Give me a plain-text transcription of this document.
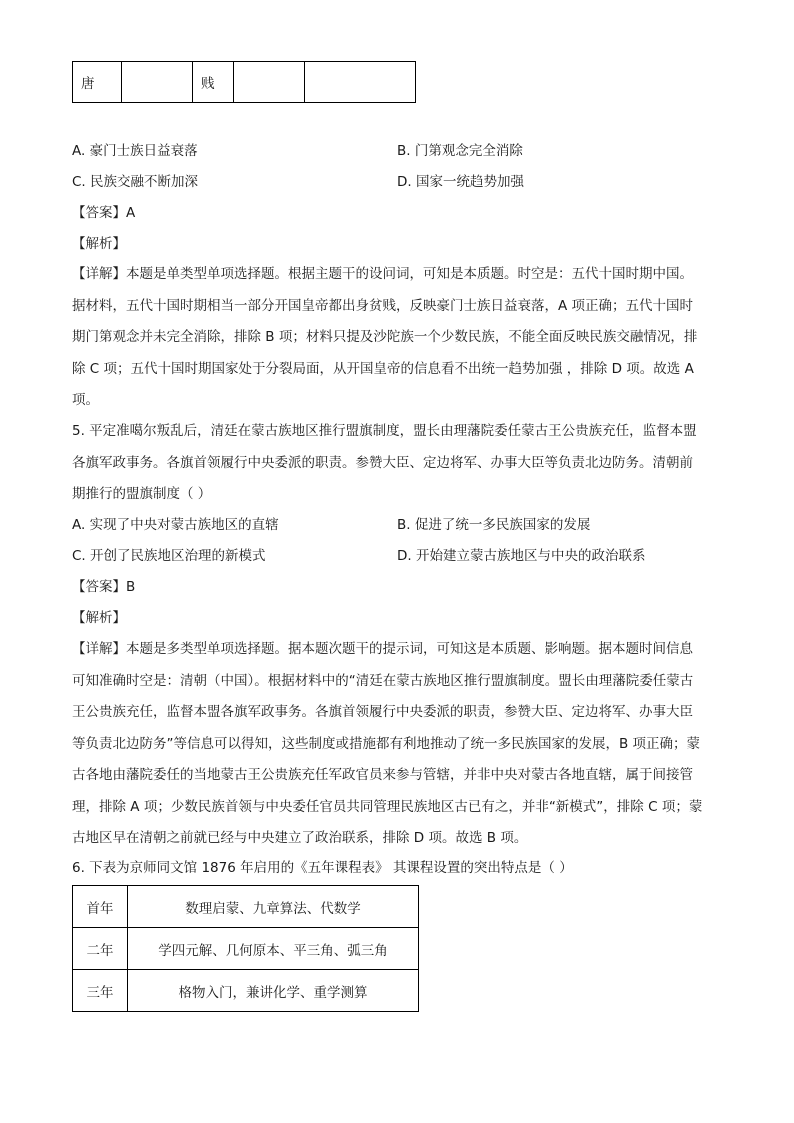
唐		贱		
A. 豪门士族日益衰落	B. 门第观念完全消除
C. 民族交融不断加深	D. 国家一统趋势加强
【答案】A
【解析】
【详解】本题是单类型单项选择题。根据主题干的设问词，可知是本质题。时空是：五代十国时期中国。
据材料，五代十国时期相当一部分开国皇帝都出身贫贱，反映豪门士族日益衰落，A 项正确；五代十国时
期门第观念并未完全消除，排除 B 项；材料只提及沙陀族一个少数民族，不能全面反映民族交融情况，排
除 C 项；五代十国时期国家处于分裂局面，从开国皇帝的信息看不出统一趋势加强 ，排除 D 项。故选 A
项。
5. 平定准噶尔叛乱后，清廷在蒙古族地区推行盟旗制度，盟长由理藩院委任蒙古王公贵族充任，监督本盟
各旗军政事务。各旗首领履行中央委派的职责。参赞大臣、定边将军、办事大臣等负责北边防务。清朝前
期推行的盟旗制度（ ）
A. 实现了中央对蒙古族地区的直辖	B. 促进了统一多民族国家的发展
C. 开创了民族地区治理的新模式	D. 开始建立蒙古族地区与中央的政治联系
【答案】B
【解析】
【详解】本题是多类型单项选择题。据本题次题干的提示词，可知这是本质题、影响题。据本题时间信息
可知准确时空是：清朝（中国）。根据材料中的“清廷在蒙古族地区推行盟旗制度。盟长由理藩院委任蒙古
王公贵族充任，监督本盟各旗军政事务。各旗首领履行中央委派的职责，参赞大臣、定边将军、办事大臣
等负责北边防务”等信息可以得知，这些制度或措施都有利地推动了统一多民族国家的发展，B 项正确；蒙
古各地由藩院委任的当地蒙古王公贵族充任军政官员来参与管辖，并非中央对蒙古各地直辖，属于间接管
理，排除 A 项；少数民族首领与中央委任官员共同管理民族地区古已有之，并非“新模式”，排除 C 项；蒙
古地区早在清朝之前就已经与中央建立了政治联系，排除 D 项。故选 B 项。
6. 下表为京师同文馆 1876 年启用的《五年课程表》 其课程设置的突出特点是（ ）
首年	数理启蒙、九章算法、代数学
二年	学四元解、几何原本、平三角、弧三角
三年	格物入门，兼讲化学、重学测算
